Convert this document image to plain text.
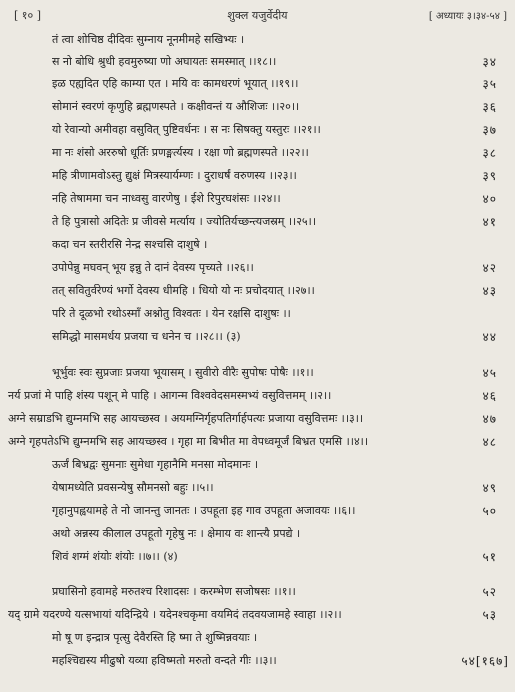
[ १० ]	शुक्ल यजुर्वेदीय	[ अध्यायः ३।३४-५४ ]
तं त्वा शोचिष्ठ दीदिवः सुम्नाय नूनमीमहे सखिभ्यः ।
स नो बोधि श्रुधी हवमुरुष्या णो अघायतः समस्मात् ।।१८।।	३४
इळ एह्यदित एहि काम्या एत । मयि वः कामधरणं भूयात् ।।१९।।	३५
सोमानं स्वरणं कृणुहि ब्रह्मणस्पते । कक्षीवन्तं य औशिजः ।।२०।।	३६
यो रेवान्यो अमीवहा वसुवित् पुष्टिवर्धनः । स नः सिषक्तु यस्तुरः ।।२१।।	३७
मा नः शंसो अररुषो धूर्तिः प्रणङ्मर्त्यस्य । रक्षा णो ब्रह्मणस्पते ।।२२।।	३८
महि त्रीणामवोऽस्तु द्युक्षं मित्रस्यार्यम्णः । दुराधर्षं वरुणस्य ।।२३।।	३९
नहि तेषाममा चन नाध्वसु वारणेषु । ईशे रिपुरघशंसः ।।२४।।	४०
ते हि पुत्रासो अदितेः प्र जीवसे मर्त्याय । ज्योतिर्यच्छन्त्यजस्रम् ।।२५।।	४१
कदा चन स्तरीरसि नेन्द्र सश्चसि दाशुषे ।
उपोपेन्नु मघवन् भूय इन्नु ते दानं देवस्य पृच्यते ।।२६।।	४२
तत् सवितुर्वरेण्यं भर्गो देवस्य धीमहि । धियो यो नः प्रचोदयात् ।।२७।।	४३
परि ते दूळभो रथोऽस्माँ अश्नोतु विश्वतः । येन रक्षसि दाशुषः ।।
समिद्धो मासमर्धय प्रजया च धनेन च ।।२८।। (३)	४४
भूर्भुवः स्वः सुप्रजाः प्रजया भूयासम् । सुवीरो वीरैः सुपोषः पोषैः ।।१।।	४५
नर्य प्रजां मे पाहि शंस्य पशून् मे पाहि । आगन्म विश्ववेदसमस्मभ्यं वसुवित्तमम् ।।२।।	४६
अग्ने सम्राडभि द्युम्नमभि सह आयच्छस्व । अयमग्निर्गृहपतिर्गार्हपत्यः प्रजाया वसुवित्तमः ।।३।।	४७
अग्ने गृहपतेऽभि द्युम्नमभि सह आयच्छस्व । गृहा मा बिभीत मा वेपध्वमूर्जं बिभ्रत एमसि ।।४।।	४८
ऊर्जं बिभ्रद्वः सुमनाः सुमेधा गृहानैमि मनसा मोदमानः ।
येषामध्येति प्रवसन्येषु सौमनसो बहुः ।।५।।	४९
गृहानुपह्वयामहे ते नो जानन्तु जानतः । उपहूता इह गाव उपहूता अजावयः ।।६।।	५०
अथो अन्नस्य कीलाल उपहूतो गृहेषु नः । क्षेमाय वः शान्त्यै प्रपद्ये ।
शिवं शग्मं शंयोः शंयोः ।।७।। (४)	५१
प्रघासिनो हवामहे मरुतश्च रिशादसः । करम्भेण सजोषसः ।।१।।	५२
यद् ग्रामे यदरण्ये यत्सभायां यदिन्द्रिये । यदेनश्चकृमा वयमिदं तदवयजामहे स्वाहा ।।२।।	५३
मो षू ण इन्द्रात्र पृत्सु देवैरस्ति हि ष्मा ते शुष्मिन्नवयाः ।
महश्चिद्यस्य मीढुषो यव्या हविष्मतो मरुतो वन्दते गीः ।।३।।	५४[१६७]
